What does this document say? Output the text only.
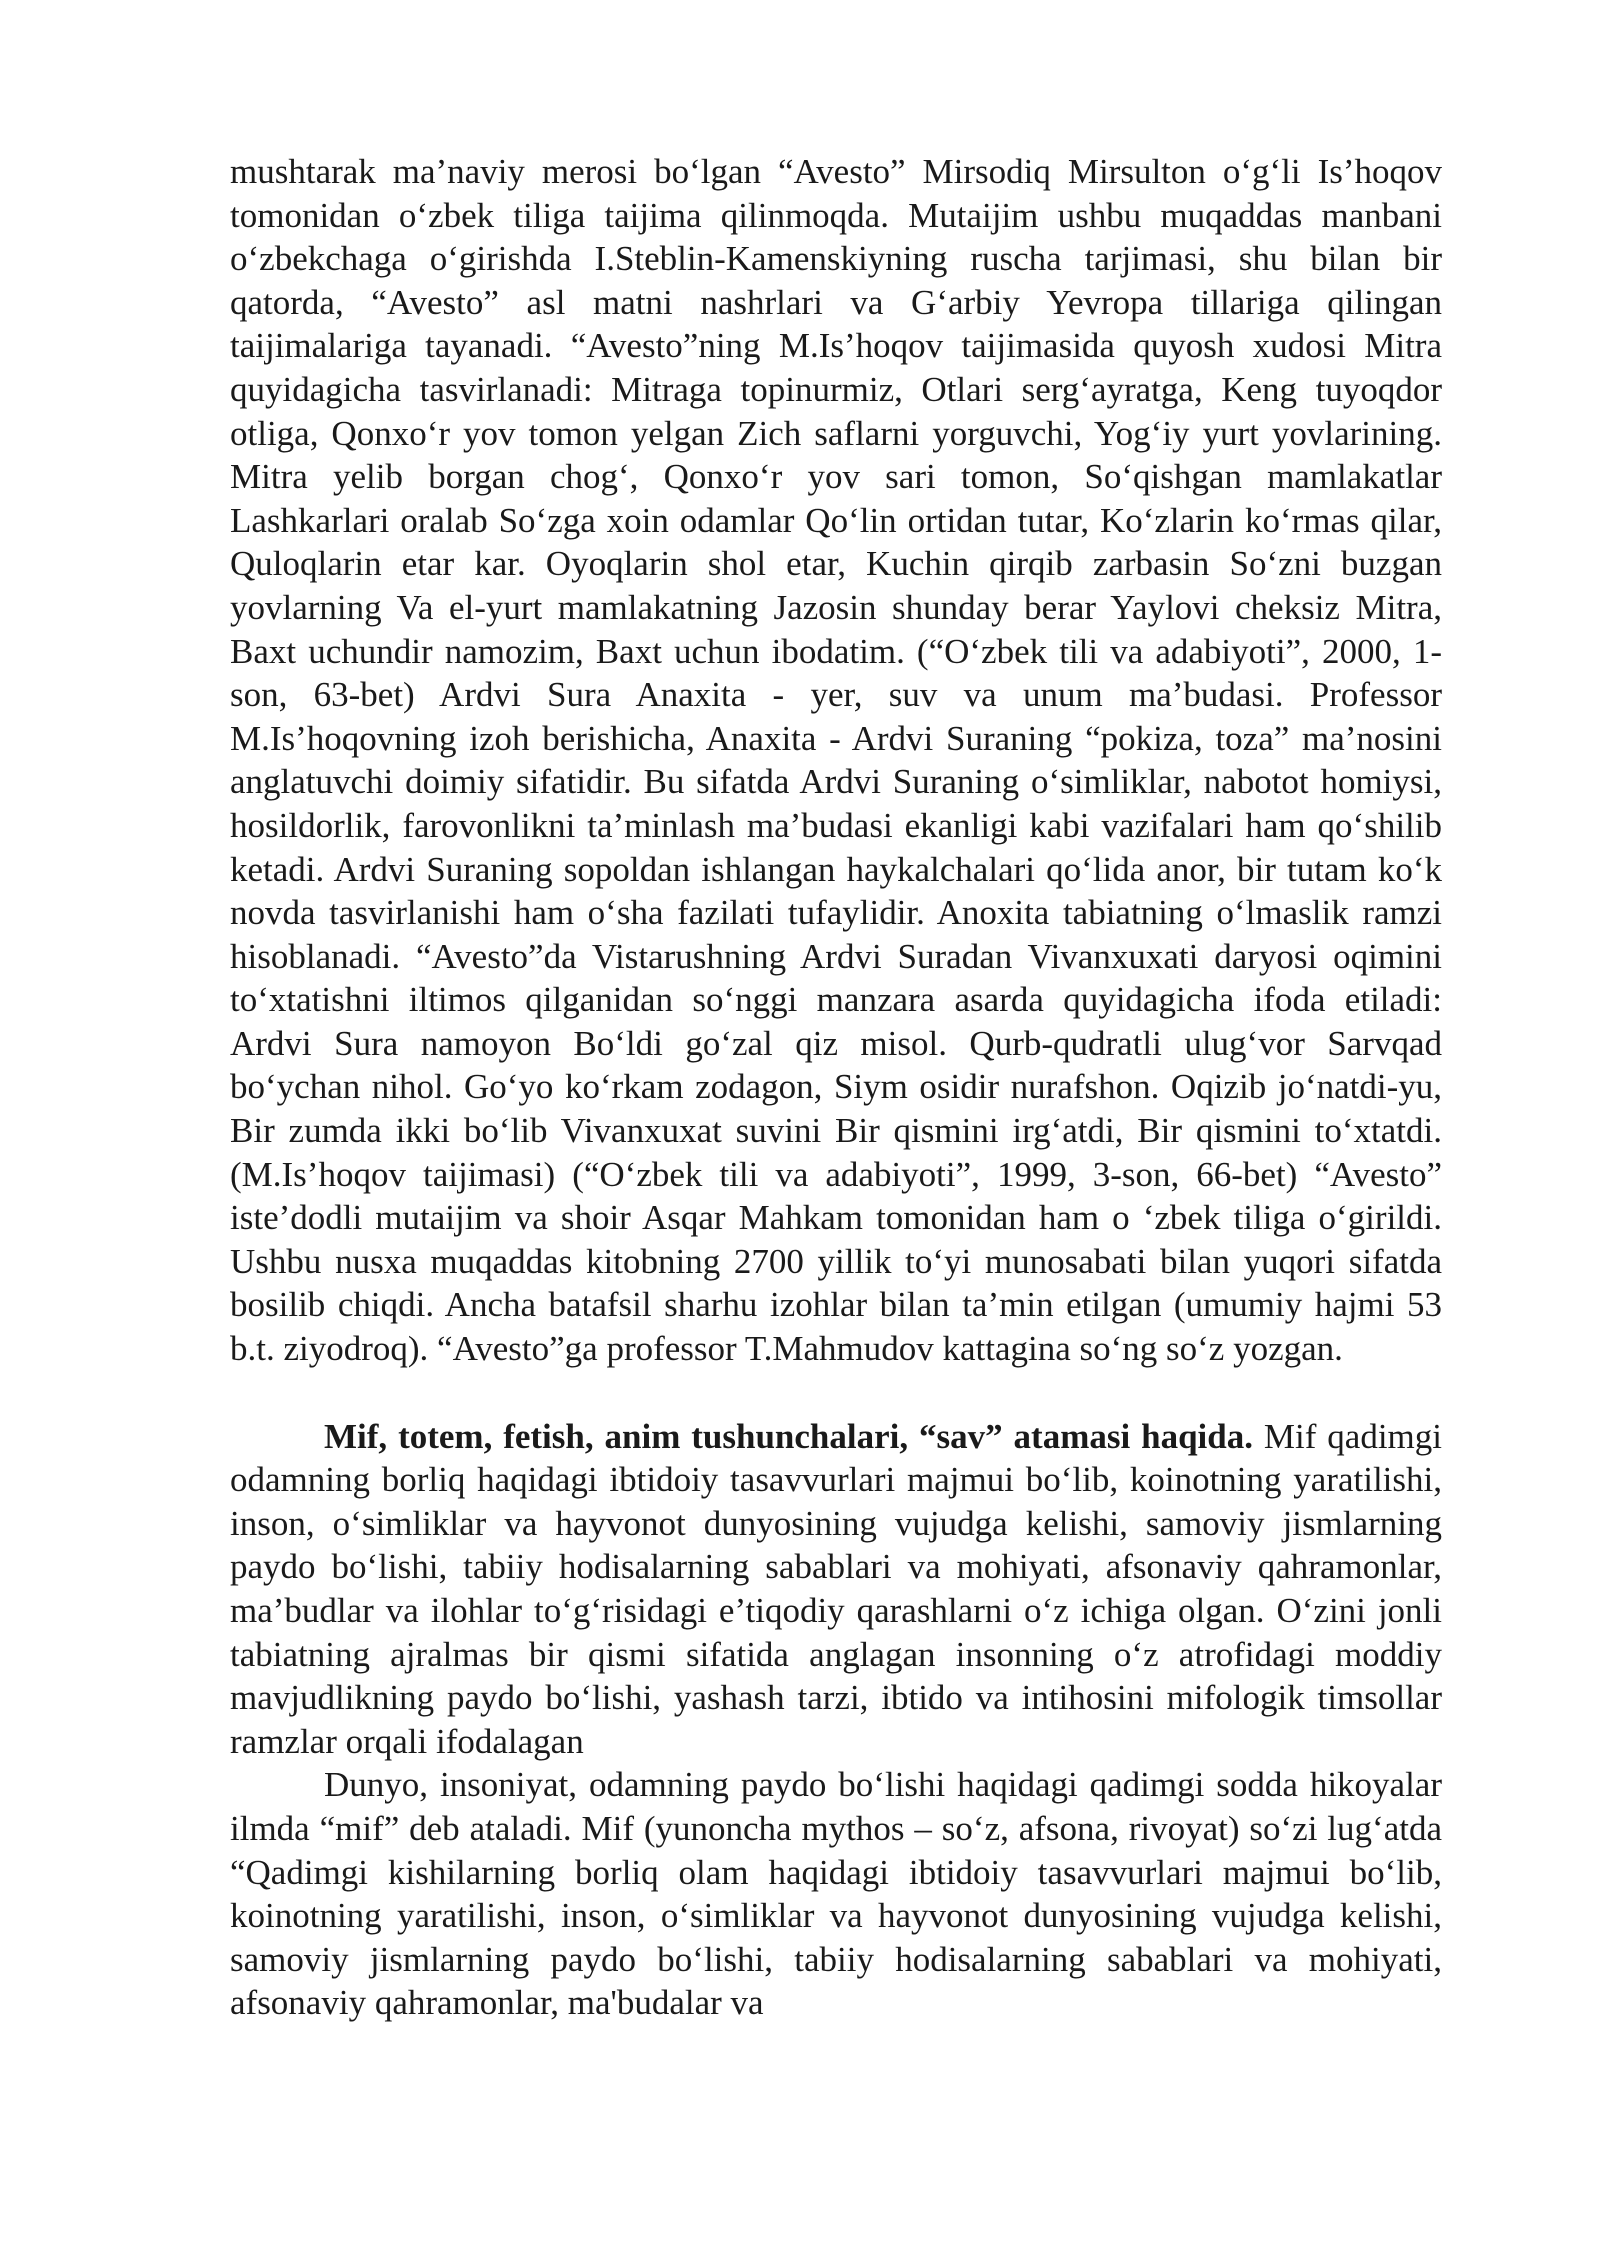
mushtarak ma’naviy merosi bo‘lgan “Avesto” Mirsodiq Mirsulton o‘g‘li Is’hoqov tomonidan o‘zbek tiliga taijima qilinmoqda. Mutaijim ushbu muqaddas manbani o‘zbekchaga o‘girishda I.Steblin-Kamenskiyning ruscha tarjimasi, shu bilan bir qatorda, “Avesto” asl matni nashrlari va G‘arbiy Yevropa tillariga qilingan taijimalariga tayanadi. “Avesto”ning M.Is’hoqov taijimasida quyosh xudosi Mitra quyidagicha tasvirlanadi: Mitraga topinurmiz, Otlari serg‘ayratga, Keng tuyoqdor otliga, Qonxo‘r yov tomon yelgan Zich saflarni yorguvchi, Yog‘iy yurt yovlarining. Mitra yelib borgan chog‘, Qonxo‘r yov sari tomon, So‘qishgan mamlakatlar Lashkarlari oralab So‘zga xoin odamlar Qo‘lin ortidan tutar, Ko‘zlarin ko‘rmas qilar, Quloqlarin etar kar. Oyoqlarin shol etar, Kuchin qirqib zarbasin So‘zni buzgan yovlarning Va el-yurt mamlakatning Jazosin shunday berar Yaylovi cheksiz Mitra, Baxt uchundir namozim, Baxt uchun ibodatim. (“O‘zbek tili va adabiyoti”, 2000, 1-son, 63-bet) Ardvi Sura Anaxita - yer, suv va unum ma’budasi. Professor M.Is’hoqovning izoh berishicha, Anaxita - Ardvi Suraning “pokiza, toza” ma’nosini anglatuvchi doimiy sifatidir. Bu sifatda Ardvi Suraning o‘simliklar, nabotot homiysi, hosildorlik, farovonlikni ta’minlash ma’budasi ekanligi kabi vazifalari ham qo‘shilib ketadi. Ardvi Suraning sopoldan ishlangan haykalchalari qo‘lida anor, bir tutam ko‘k novda tasvirlanishi ham o‘sha fazilati tufaylidir. Anoxita tabiatning o‘lmaslik ramzi hisoblanadi. “Avesto”da Vistarushning Ardvi Suradan Vivanxuxati daryosi oqimini to‘xtatishni iltimos qilganidan so‘nggi manzara asarda quyidagicha ifoda etiladi: Ardvi Sura namoyon Bo‘ldi go‘zal qiz misol. Qurb-qudratli ulug‘vor Sarvqad bo‘ychan nihol. Go‘yo ko‘rkam zodagon, Siym osidir nurafshon. Oqizib jo‘natdi-yu, Bir zumda ikki bo‘lib Vivanxuxat suvini Bir qismini irg‘atdi, Bir qismini to‘xtatdi. (M.Is’hoqov taijimasi) (“O‘zbek tili va adabiyoti”, 1999, 3-son, 66-bet) “Avesto” iste’dodli mutaijim va shoir Asqar Mahkam tomonidan ham o ‘zbek tiliga o‘girildi. Ushbu nusxa muqaddas kitobning 2700 yillik to‘yi munosabati bilan yuqori sifatda bosilib chiqdi. Ancha batafsil sharhu izohlar bilan ta’min etilgan (umumiy hajmi 53 b.t. ziyodroq). “Avesto”ga professor T.Mahmudov kattagina so‘ng so‘z yozgan.

Mif, totem, fetish, anim tushunchalari, “sav” atamasi haqida. Mif qadimgi odamning borliq haqidagi ibtidoiy tasavvurlari majmui bo‘lib, koinotning yaratilishi, inson, o‘simliklar va hayvonot dunyosining vujudga kelishi, samoviy jismlarning paydo bo‘lishi, tabiiy hodisalarning sabablari va mohiyati, afsonaviy qahramonlar, ma’budlar va ilohlar to‘g‘risidagi e’tiqodiy qarashlarni o‘z ichiga olgan. O‘zini jonli tabiatning ajralmas bir qismi sifatida anglagan insonning o‘z atrofidagi moddiy mavjudlikning paydo bo‘lishi, yashash tarzi, ibtido va intihosini mifologik timsollar ramzlar orqali ifodalagan

Dunyo, insoniyat, odamning paydo bo‘lishi haqidagi qadimgi sodda hikoyalar ilmda “mif” deb ataladi. Mif (yunoncha mythos – so‘z, afsona, rivoyat) so‘zi lug‘atda “Qadimgi kishilarning borliq olam haqidagi ibtidoiy tasavvurlari majmui bo‘lib, koinotning yaratilishi, inson, o‘simliklar va hayvonot dunyosining vujudga kelishi, samoviy jismlarning paydo bo‘lishi, tabiiy hodisalarning sabablari va mohiyati, afsonaviy qahramonlar, ma'budalar va
